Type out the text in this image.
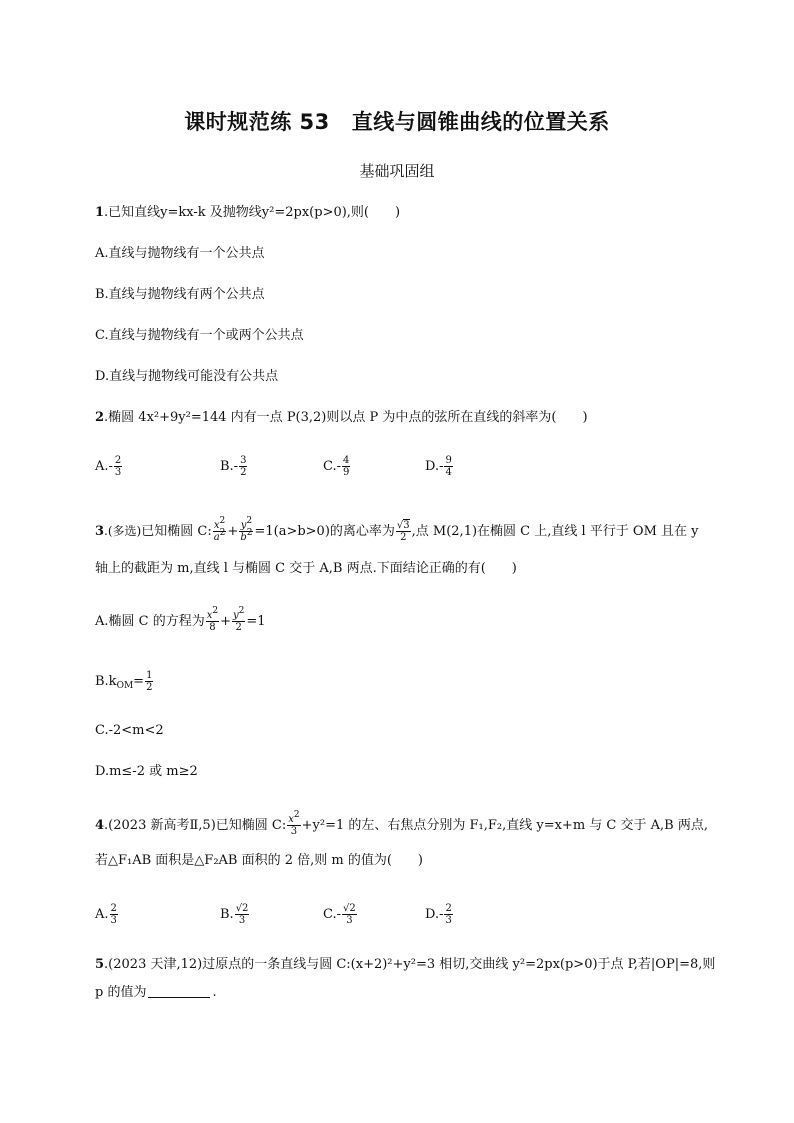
课时规范练 53 直线与圆锥曲线的位置关系
基础巩固组
1.已知直线y=kx-k 及抛物线y²=2px(p>0),则(　　)
A.直线与抛物线有一个公共点
B.直线与抛物线有两个公共点
C.直线与抛物线有一个或两个公共点
D.直线与抛物线可能没有公共点
2.椭圆 4x²+9y²=144 内有一点 P(3,2)则以点 P 为中点的弦所在直线的斜率为(　　)
$A.- \frac{2}{3}$	$B.- \frac{3}{2}$	$C.- \frac{4}{9}$	$D.- \frac{9}{4}$
3.(多选)已知椭圆 C: $\frac{x^2}{a^2} + \frac{y^2}{b^2} =1(a>b>0)$的离心率为 $\frac{√3}{2}$ ,点 M(2,1)在椭圆 C 上,直线 l 平行于 OM 且在 y
轴上的截距为 m,直线 l 与椭圆 C 交于 A,B 两点.下面结论正确的有(　　)
A.椭圆 C 的方程为 $\frac{x^2}{8} + \frac{y^2}{2} =1$
$B.k_{OM}= \frac{1}{2}$
C.-2<m<2
D.m≤-2 或 m≥2
4.(2023 新高考Ⅱ,5)已知椭圆 C: $\frac{x^2}{3} +y^2=1$ 的左、右焦点分别为 F₁,F₂,直线 y=x+m 与 C 交于 A,B 两点,
若△F₁AB 面积是△F₂AB 面积的 2 倍,则 m 的值为(　　)
A. $\frac{2}{3}$	B. $\frac{√2}{3}$	$C.- \frac{√2}{3}$	$D.- \frac{2}{3}$
5.(2023 天津,12)过原点的一条直线与圆 C:(x+2)²+y²=3 相切,交曲线 y²=2px(p>0)于点 P,若|OP|=8,则
p 的值为	.
